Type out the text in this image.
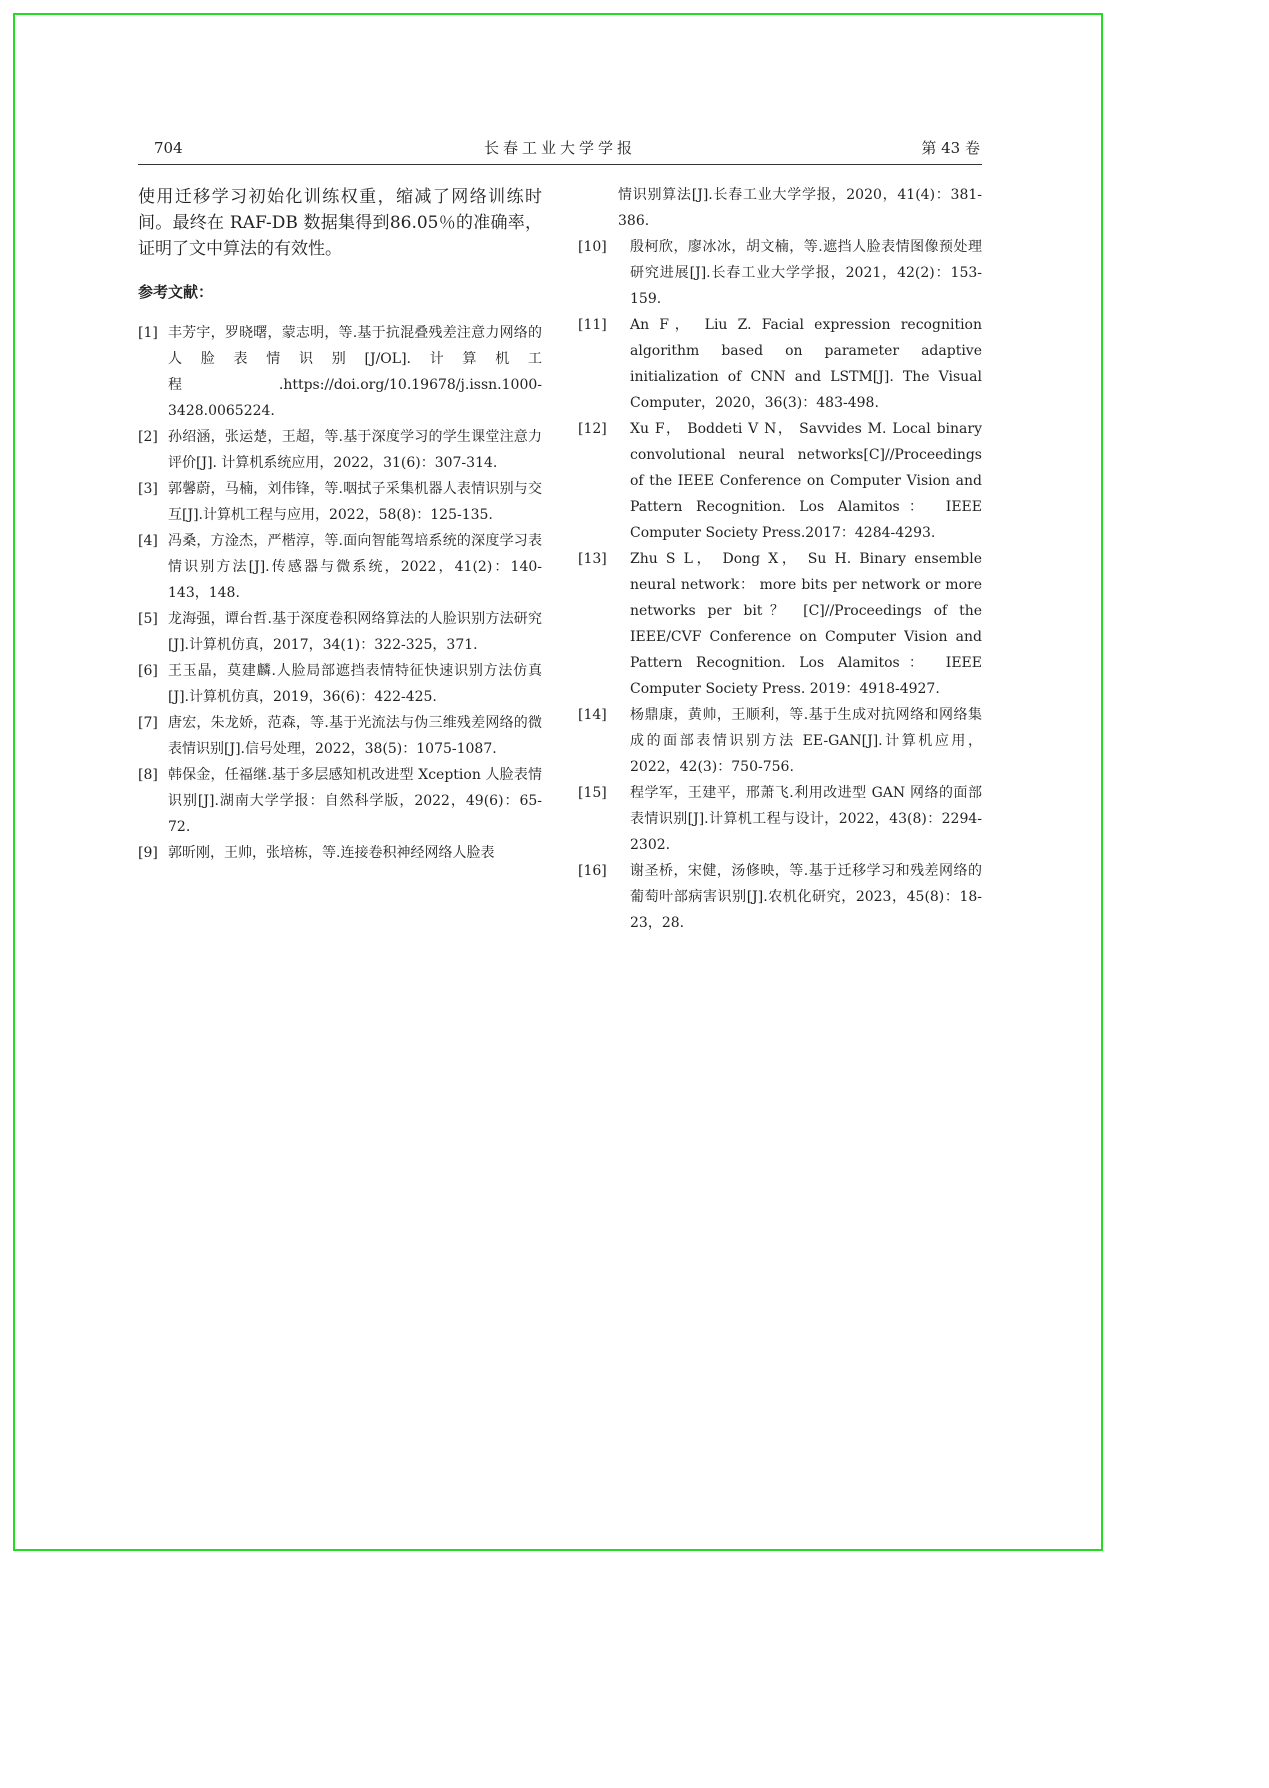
704	长春工业大学学报	第 43 卷

使用迁移学习初始化训练权重，缩减了网络训练时间。最终在 RAF-DB 数据集得到86.05％的准确率，证明了文中算法的有效性。

参考文献：
[1] 丰芳宇，罗晓曙，蒙志明，等.基于抗混叠残差注意力网络的人脸表情识别[J/OL].计算机工程.https://doi.org/10.19678/j.issn.1000-3428.0065224.
[2] 孙绍涵，张运楚，王超，等.基于深度学习的学生课堂注意力评价[J]. 计算机系统应用，2022，31(6)：307-314.
[3] 郭馨蔚，马楠，刘伟锋，等.咽拭子采集机器人表情识别与交互[J].计算机工程与应用，2022，58(8)：125-135.
[4] 冯桑，方淦杰，严楷淳，等.面向智能驾培系统的深度学习表情识别方法[J].传感器与微系统，2022，41(2)：140-143，148.
[5] 龙海强，谭台哲.基于深度卷积网络算法的人脸识别方法研究[J].计算机仿真，2017，34(1)：322-325，371.
[6] 王玉晶，莫建麟.人脸局部遮挡表情特征快速识别方法仿真[J].计算机仿真，2019，36(6)：422-425.
[7] 唐宏，朱龙娇，范森，等.基于光流法与伪三维残差网络的微表情识别[J].信号处理，2022，38(5)：1075-1087.
[8] 韩保金，任福继.基于多层感知机改进型 Xception 人脸表情识别[J].湖南大学学报：自然科学版，2022，49(6)：65-72.
[9] 郭昕刚，王帅，张培栋，等.连接卷积神经网络人脸表

情识别算法[J].长春工业大学学报，2020，41(4)：381-386.

[10] 殷柯欣，廖冰冰，胡文楠，等.遮挡人脸表情图像预处理研究进展[J].长春工业大学学报，2021，42(2)：153-159.
[11] An F， Liu Z. Facial expression recognition algorithm based on parameter adaptive initialization of CNN and LSTM[J]. The Visual Computer，2020，36(3)：483-498.
[12] Xu F， Boddeti V N， Savvides M. Local binary convolutional neural networks[C]//Proceedings of the IEEE Conference on Computer Vision and Pattern Recognition. Los Alamitos： IEEE Computer Society Press.2017：4284-4293.
[13] Zhu S L， Dong X， Su H. Binary ensemble neural network： more bits per network or more networks per bit？ [C]//Proceedings of the IEEE/CVF Conference on Computer Vision and Pattern Recognition. Los Alamitos： IEEE Computer Society Press. 2019：4918-4927.
[14] 杨鼎康，黄帅，王顺利，等.基于生成对抗网络和网络集成的面部表情识别方法 EE-GAN[J].计算机应用，2022，42(3)：750-756.
[15] 程学军，王建平，邢萧飞.利用改进型 GAN 网络的面部表情识别[J].计算机工程与设计，2022，43(8)：2294-2302.
[16] 谢圣桥，宋健，汤修映，等.基于迁移学习和残差网络的葡萄叶部病害识别[J].农机化研究，2023，45(8)：18-23，28.
